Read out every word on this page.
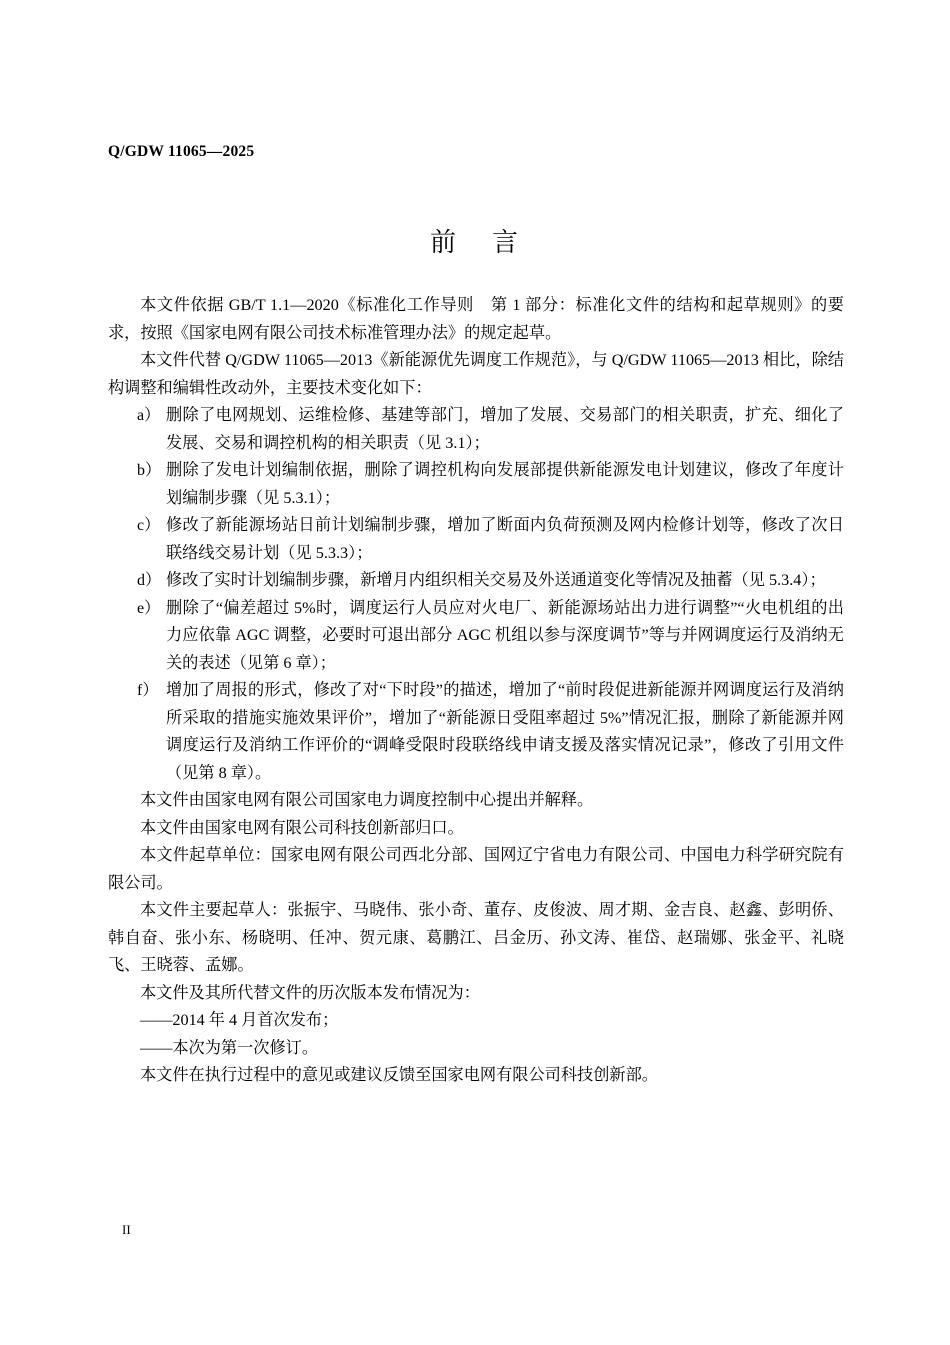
Q/GDW 11065—2025
前 言

本文件依据 GB/T 1.1—2020《标准化工作导则　第 1 部分：标准化文件的结构和起草规则》的要求，按照《国家电网有限公司技术标准管理办法》的规定起草。

本文件代替 Q/GDW 11065—2013《新能源优先调度工作规范》，与 Q/GDW 11065—2013 相比，除结构调整和编辑性改动外，主要技术变化如下：

a） 删除了电网规划、运维检修、基建等部门，增加了发展、交易部门的相关职责，扩充、细化了发展、交易和调控机构的相关职责（见 3.1）；
b） 删除了发电计划编制依据，删除了调控机构向发展部提供新能源发电计划建议，修改了年度计划编制步骤（见 5.3.1）；
c） 修改了新能源场站日前计划编制步骤，增加了断面内负荷预测及网内检修计划等，修改了次日联络线交易计划（见 5.3.3）；
d） 修改了实时计划编制步骤，新增月内组织相关交易及外送通道变化等情况及抽蓄（见 5.3.4）；
e） 删除了“偏差超过 5%时，调度运行人员应对火电厂、新能源场站出力进行调整”“火电机组的出力应依靠 AGC 调整，必要时可退出部分 AGC 机组以参与深度调节”等与并网调度运行及消纳无关的表述（见第 6 章）；
f） 增加了周报的形式，修改了对“下时段”的描述，增加了“前时段促进新能源并网调度运行及消纳所采取的措施实施效果评价”，增加了“新能源日受阻率超过 5%”情况汇报，删除了新能源并网调度运行及消纳工作评价的“调峰受限时段联络线申请支援及落实情况记录”，修改了引用文件（见第 8 章）。

本文件由国家电网有限公司国家电力调度控制中心提出并解释。

本文件由国家电网有限公司科技创新部归口。

本文件起草单位：国家电网有限公司西北分部、国网辽宁省电力有限公司、中国电力科学研究院有限公司。

本文件主要起草人：张振宇、马晓伟、张小奇、董存、皮俊波、周才期、金吉良、赵鑫、彭明侨、韩自奋、张小东、杨晓明、任冲、贺元康、葛鹏江、吕金历、孙文涛、崔岱、赵瑞娜、张金平、礼晓飞、王晓蓉、孟娜。

本文件及其所代替文件的历次版本发布情况为：

——2014 年 4 月首次发布；

——本次为第一次修订。

本文件在执行过程中的意见或建议反馈至国家电网有限公司科技创新部。

II
